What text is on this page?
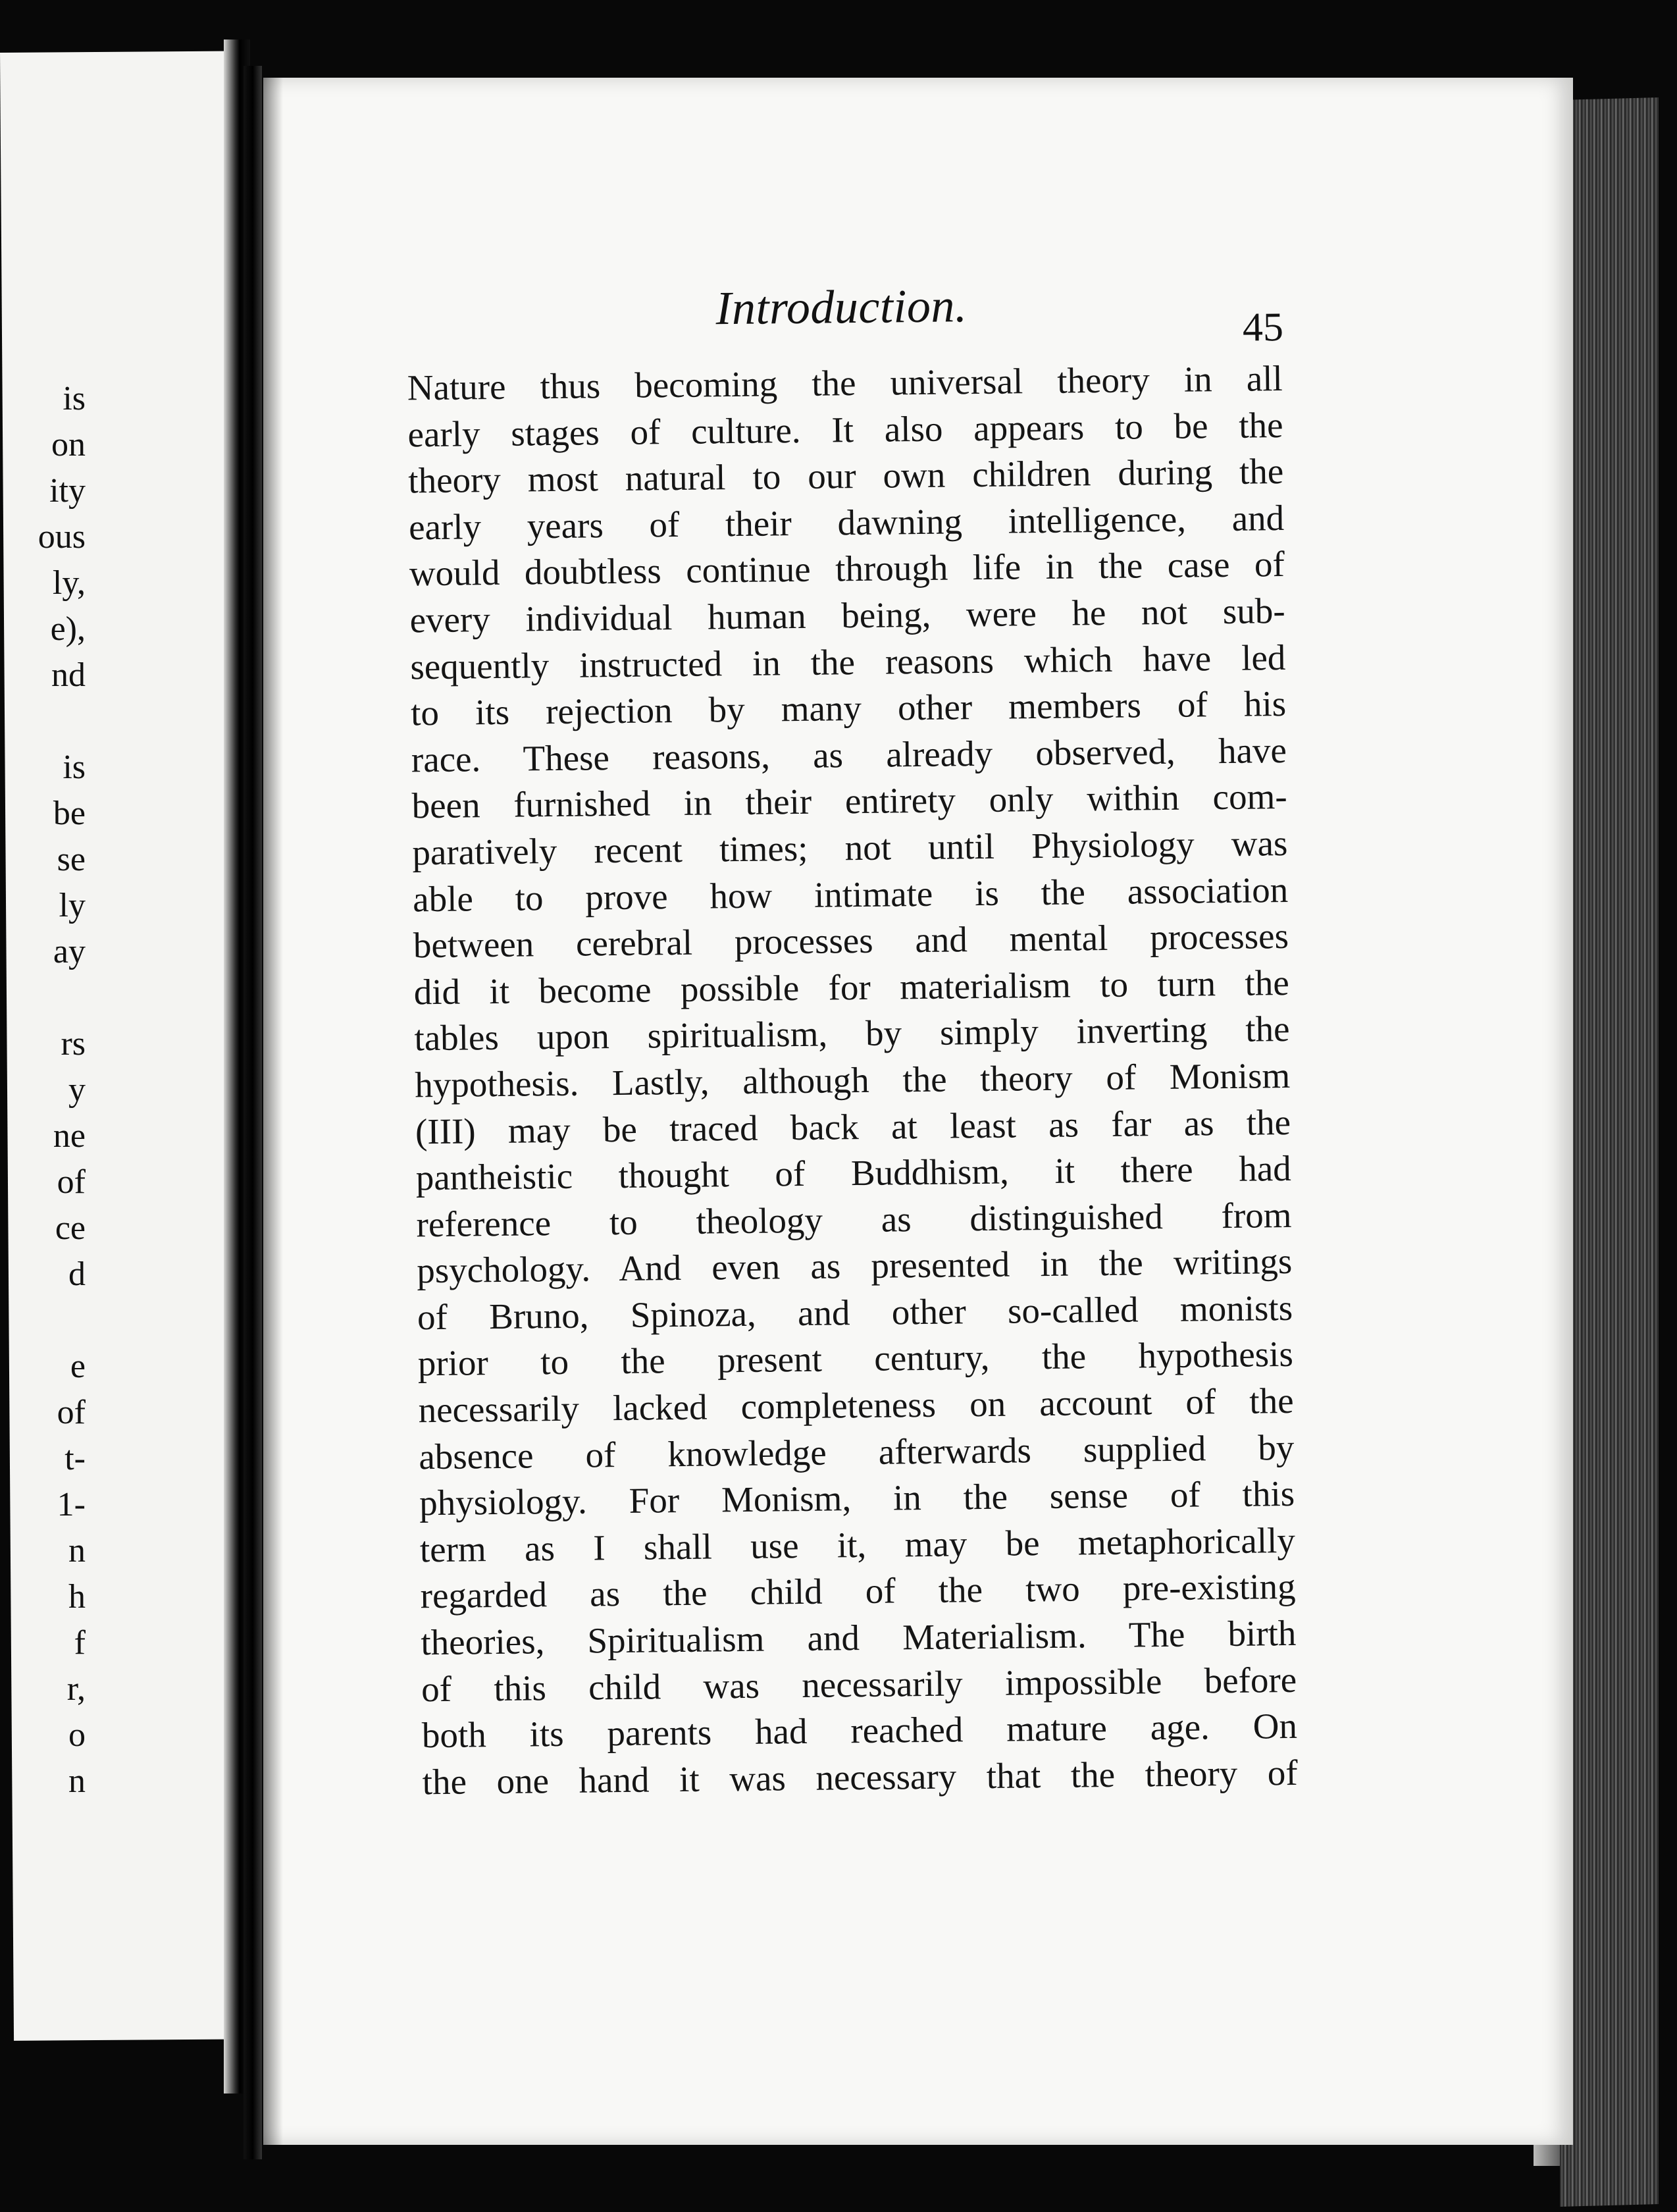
is
on
ity
ous
ly,
e),
nd
is
be
se
ly
ay
rs
y
ne
of
ce
d
e
of
t-
1-
n
h
f
r,
o
n
Introduction.	45
Nature thus becoming the universal theory in all
early stages of culture. It also appears to be the
theory most natural to our own children during the
early years of their dawning intelligence, and
would doubtless continue through life in the case of
every individual human being, were he not sub-
sequently instructed in the reasons which have led
to its rejection by many other members of his
race. These reasons, as already observed, have
been furnished in their entirety only within com-
paratively recent times; not until Physiology was
able to prove how intimate is the association
between cerebral processes and mental processes
did it become possible for materialism to turn the
tables upon spiritualism, by simply inverting the
hypothesis. Lastly, although the theory of Monism
(III) may be traced back at least as far as the
pantheistic thought of Buddhism, it there had
reference to theology as distinguished from
psychology. And even as presented in the writings
of Bruno, Spinoza, and other so-called monists
prior to the present century, the hypothesis
necessarily lacked completeness on account of the
absence of knowledge afterwards supplied by
physiology. For Monism, in the sense of this
term as I shall use it, may be metaphorically
regarded as the child of the two pre-existing
theories, Spiritualism and Materialism. The birth
of this child was necessarily impossible before
both its parents had reached mature age. On
the one hand it was necessary that the theory of
